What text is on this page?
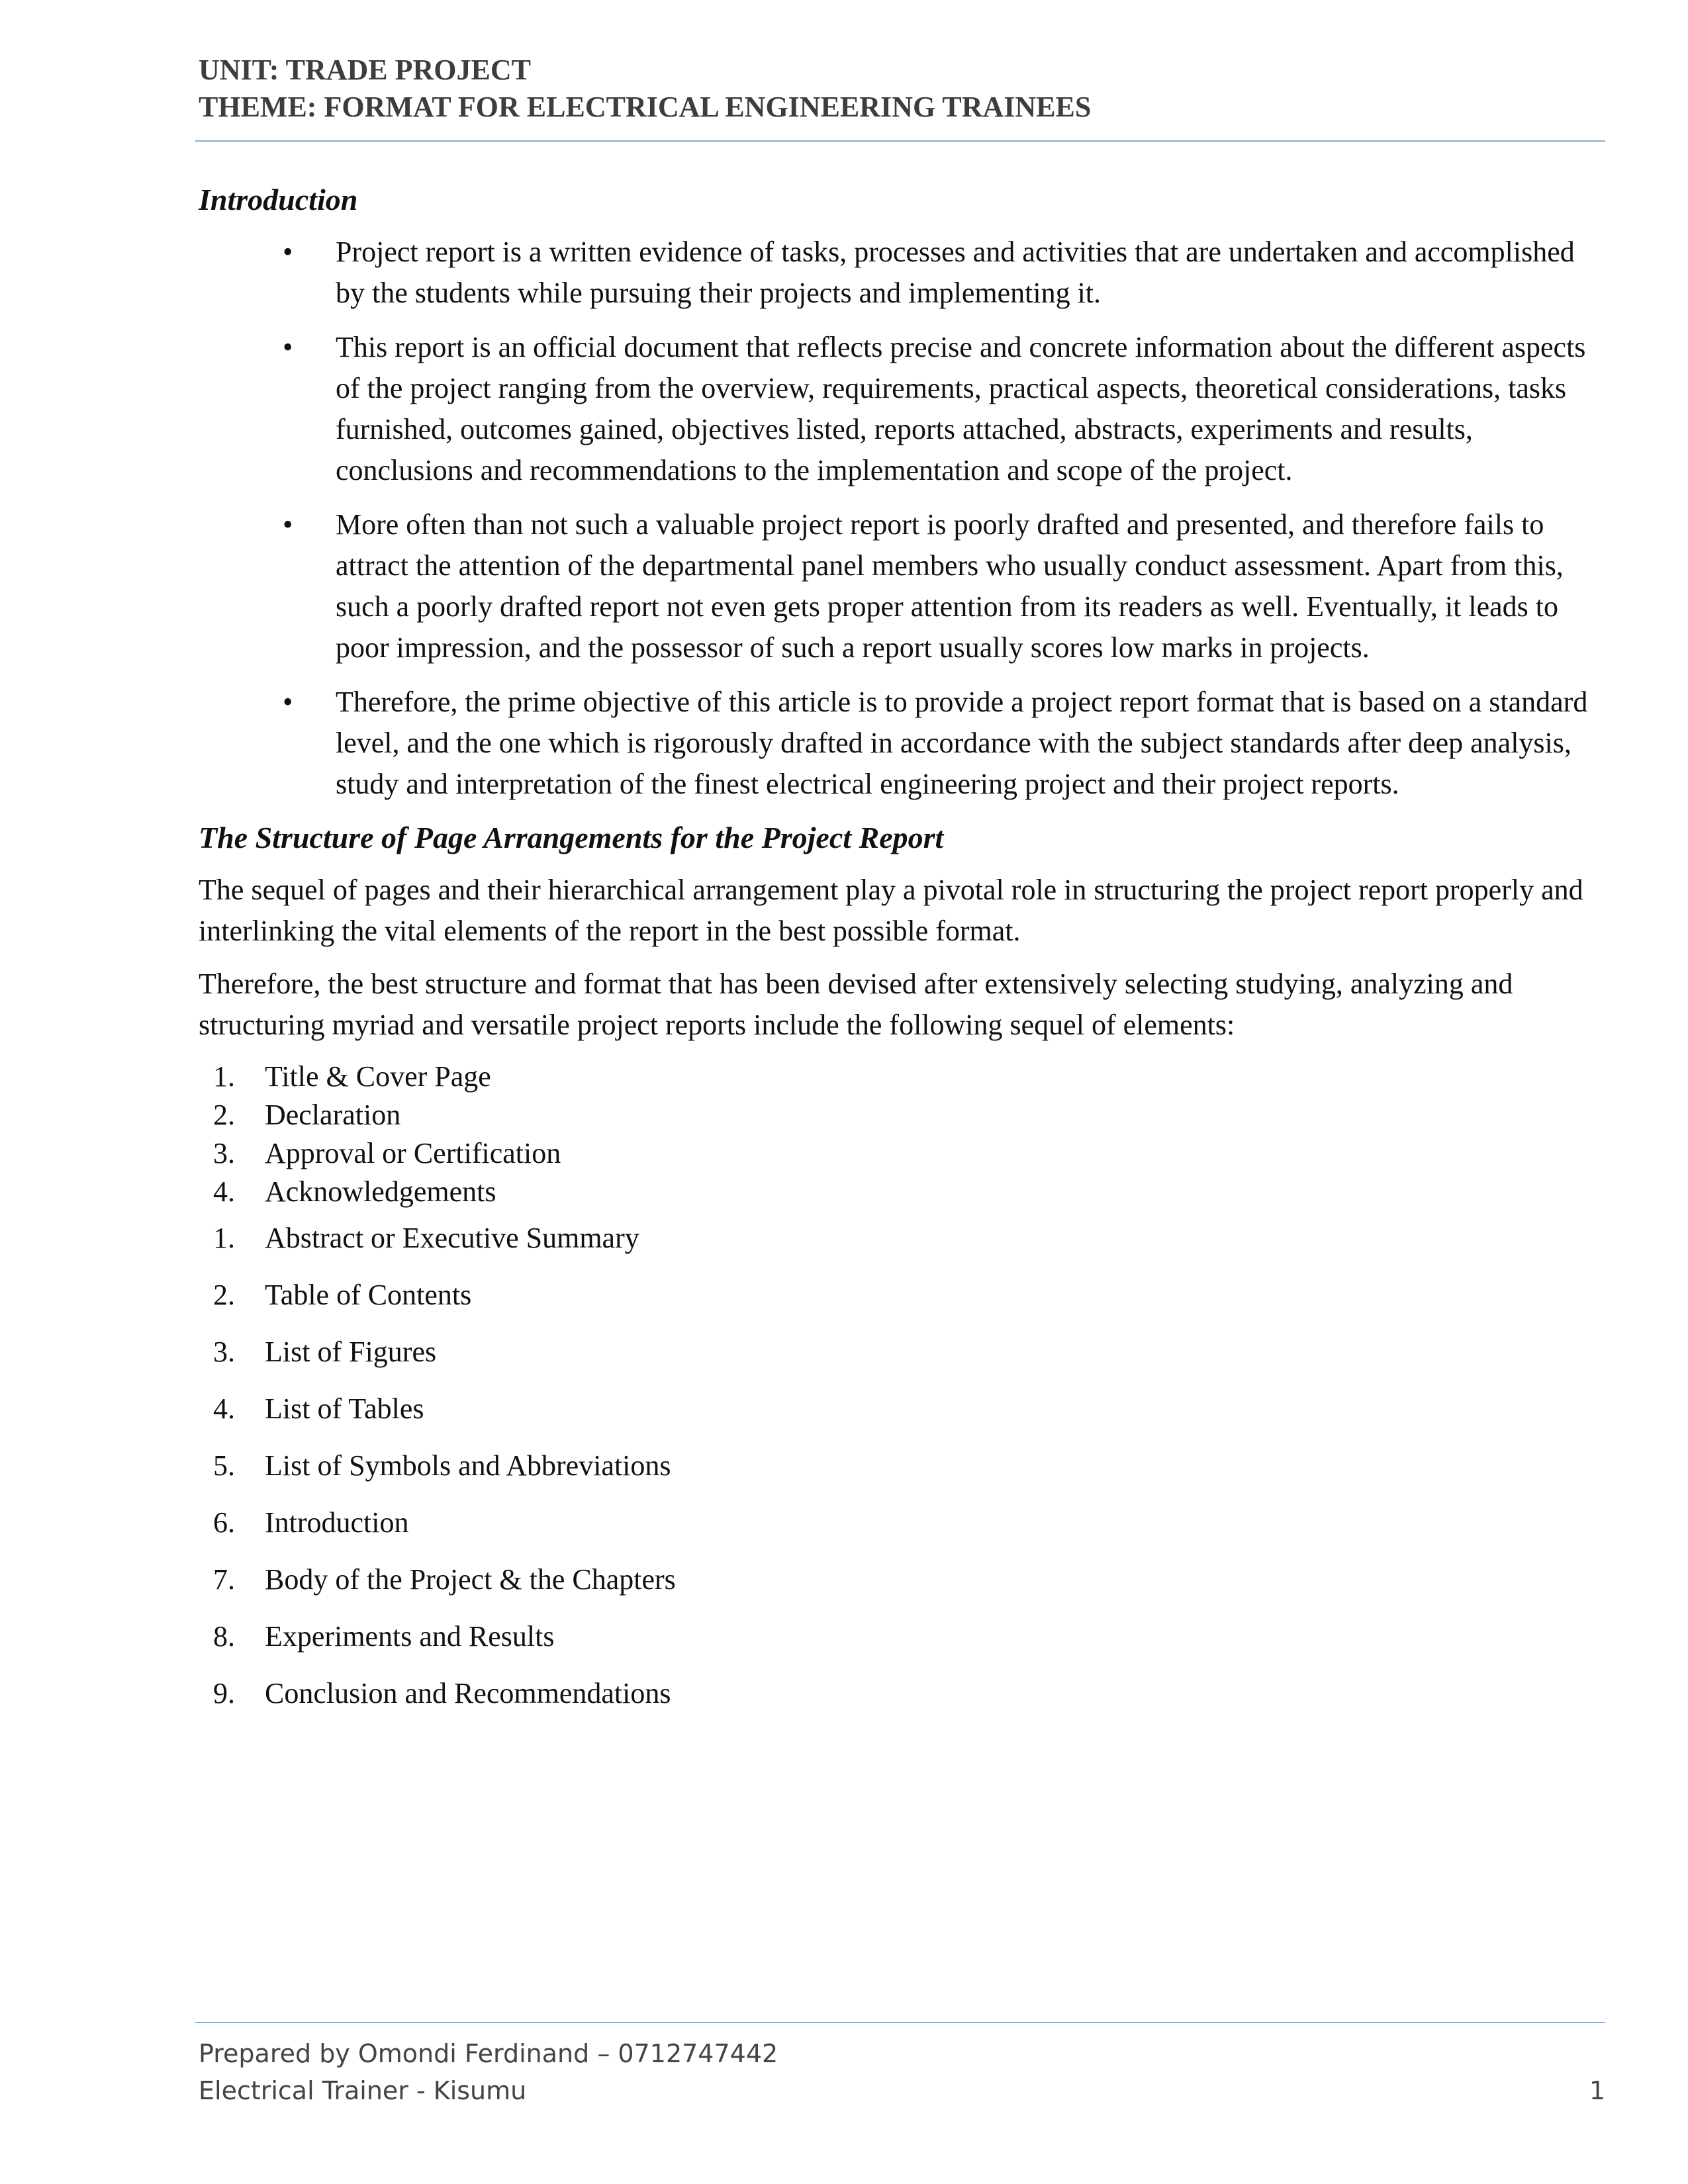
UNIT: TRADE PROJECT
THEME: FORMAT FOR ELECTRICAL ENGINEERING TRAINEES
Introduction
• Project report is a written evidence of tasks, processes and activities that are undertaken and accomplished by the students while pursuing their projects and implementing it.
• This report is an official document that reflects precise and concrete information about the different aspects of the project ranging from the overview, requirements, practical aspects, theoretical considerations, tasks furnished, outcomes gained, objectives listed, reports attached, abstracts, experiments and results, conclusions and recommendations to the implementation and scope of the project.
• More often than not such a valuable project report is poorly drafted and presented, and therefore fails to attract the attention of the departmental panel members who usually conduct assessment. Apart from this, such a poorly drafted report not even gets proper attention from its readers as well. Eventually, it leads to poor impression, and the possessor of such a report usually scores low marks in projects.
• Therefore, the prime objective of this article is to provide a project report format that is based on a standard level, and the one which is rigorously drafted in accordance with the subject standards after deep analysis, study and interpretation of the finest electrical engineering project and their project reports.
The Structure of Page Arrangements for the Project Report

The sequel of pages and their hierarchical arrangement play a pivotal role in structuring the project report properly and interlinking the vital elements of the report in the best possible format.

Therefore, the best structure and format that has been devised after extensively selecting studying, analyzing and structuring myriad and versatile project reports include the following sequel of elements:

1.	Title & Cover Page
2.	Declaration
3.	Approval or Certification
4.	Acknowledgements
1.	Abstract or Executive Summary
2.	Table of Contents
3.	List of Figures
4.	List of Tables
5.	List of Symbols and Abbreviations
6.	Introduction
7.	Body of the Project & the Chapters
8.	Experiments and Results
9.	Conclusion and Recommendations
Prepared by Omondi Ferdinand – 0712747442
Electrical Trainer - Kisumu	1
